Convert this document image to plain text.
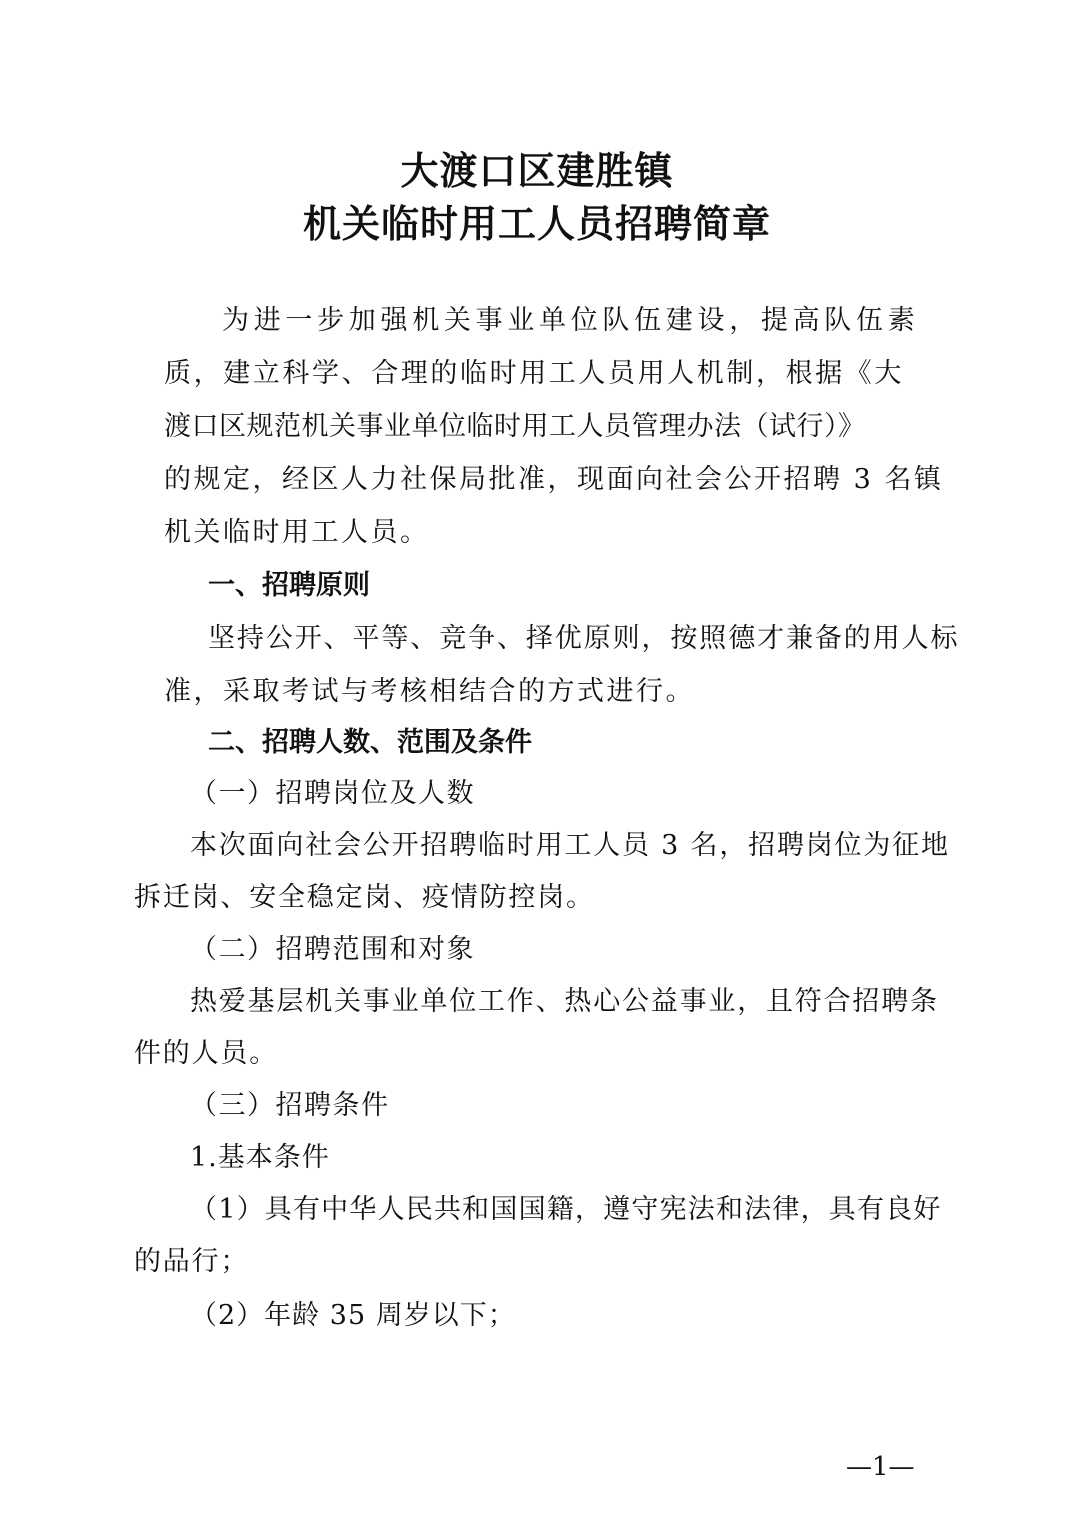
大渡口区建胜镇
机关临时用工人员招聘简章
为进一步加强机关事业单位队伍建设，提高队伍素
质，建立科学、合理的临时用工人员用人机制，根据《大
渡口区规范机关事业单位临时用工人员管理办法（试行）》
的规定，经区人力社保局批准，现面向社会公开招聘 3 名镇
机关临时用工人员。
一、招聘原则
坚持公开、平等、竞争、择优原则，按照德才兼备的用人标
准，采取考试与考核相结合的方式进行。
二、招聘人数、范围及条件
（一）招聘岗位及人数
本次面向社会公开招聘临时用工人员 3 名，招聘岗位为征地
拆迁岗、安全稳定岗、疫情防控岗。
（二）招聘范围和对象
热爱基层机关事业单位工作、热心公益事业，且符合招聘条
件的人员。
（三）招聘条件
1.基本条件
（1）具有中华人民共和国国籍，遵守宪法和法律，具有良好
的品行；
（2）年龄 35 周岁以下；
—1—
